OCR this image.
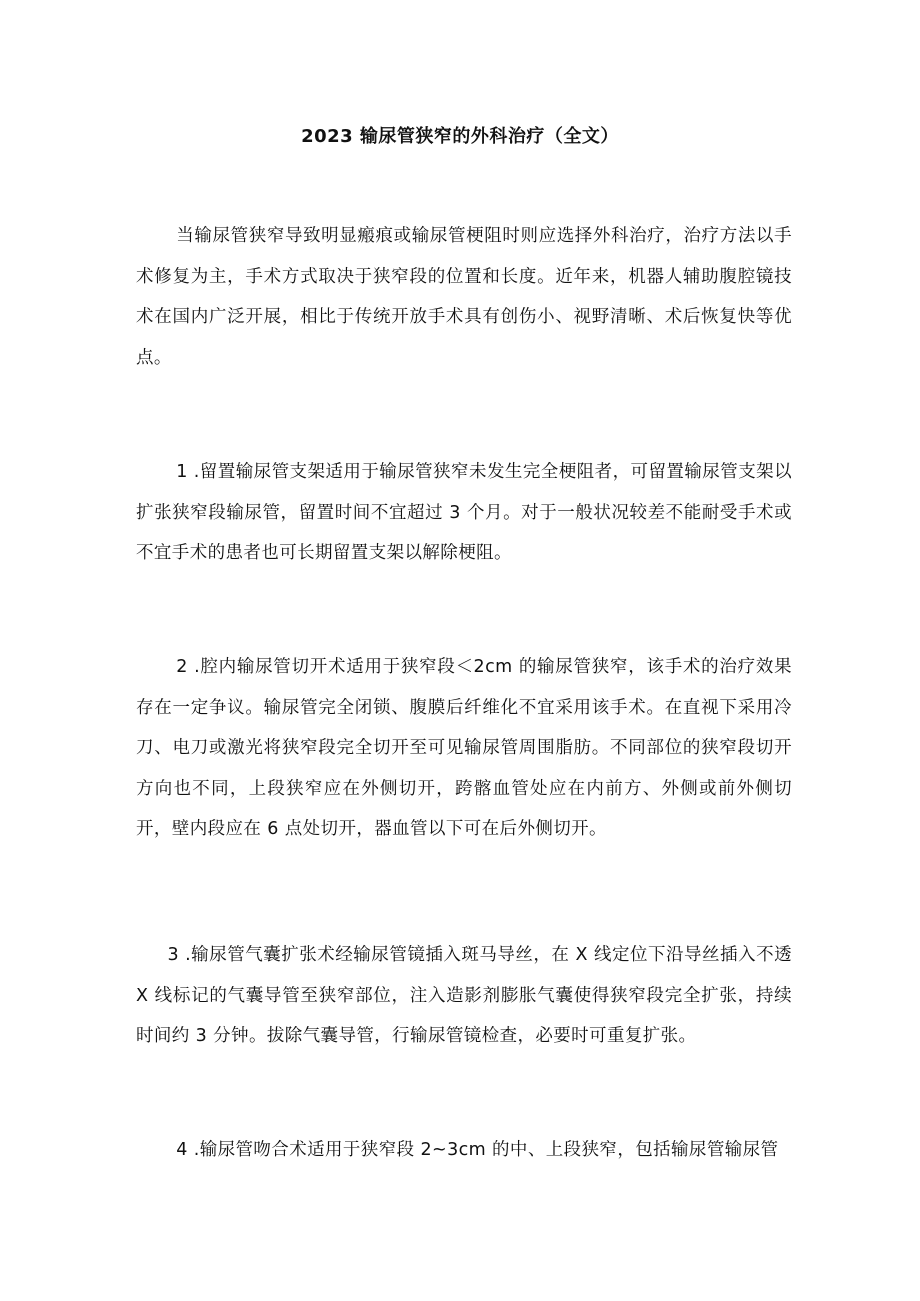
2023 输尿管狭窄的外科治疗（全文）

当输尿管狭窄导致明显瘢痕或输尿管梗阻时则应选择外科治疗，治疗方法以手术修复为主，手术方式取决于狭窄段的位置和长度。近年来，机器人辅助腹腔镜技术在国内广泛开展，相比于传统开放手术具有创伤小、视野清晰、术后恢复快等优点。

1 .留置输尿管支架适用于输尿管狭窄未发生完全梗阻者，可留置输尿管支架以扩张狭窄段输尿管，留置时间不宜超过 3 个月。对于一般状况较差不能耐受手术或不宜手术的患者也可长期留置支架以解除梗阻。

2 .腔内输尿管切开术适用于狭窄段＜2cm 的输尿管狭窄，该手术的治疗效果存在一定争议。输尿管完全闭锁、腹膜后纤维化不宜采用该手术。在直视下采用冷刀、电刀或激光将狭窄段完全切开至可见输尿管周围脂肪。不同部位的狭窄段切开方向也不同，上段狭窄应在外侧切开，跨髂血管处应在内前方、外侧或前外侧切开，壁内段应在 6 点处切开，器血管以下可在后外侧切开。

3 .输尿管气囊扩张术经输尿管镜插入斑马导丝，在 X 线定位下沿导丝插入不透 X 线标记的气囊导管至狭窄部位，注入造影剂膨胀气囊使得狭窄段完全扩张，持续时间约 3 分钟。拔除气囊导管，行输尿管镜检查，必要时可重复扩张。

4 .输尿管吻合术适用于狭窄段 2~3cm 的中、上段狭窄，包括输尿管输尿管
